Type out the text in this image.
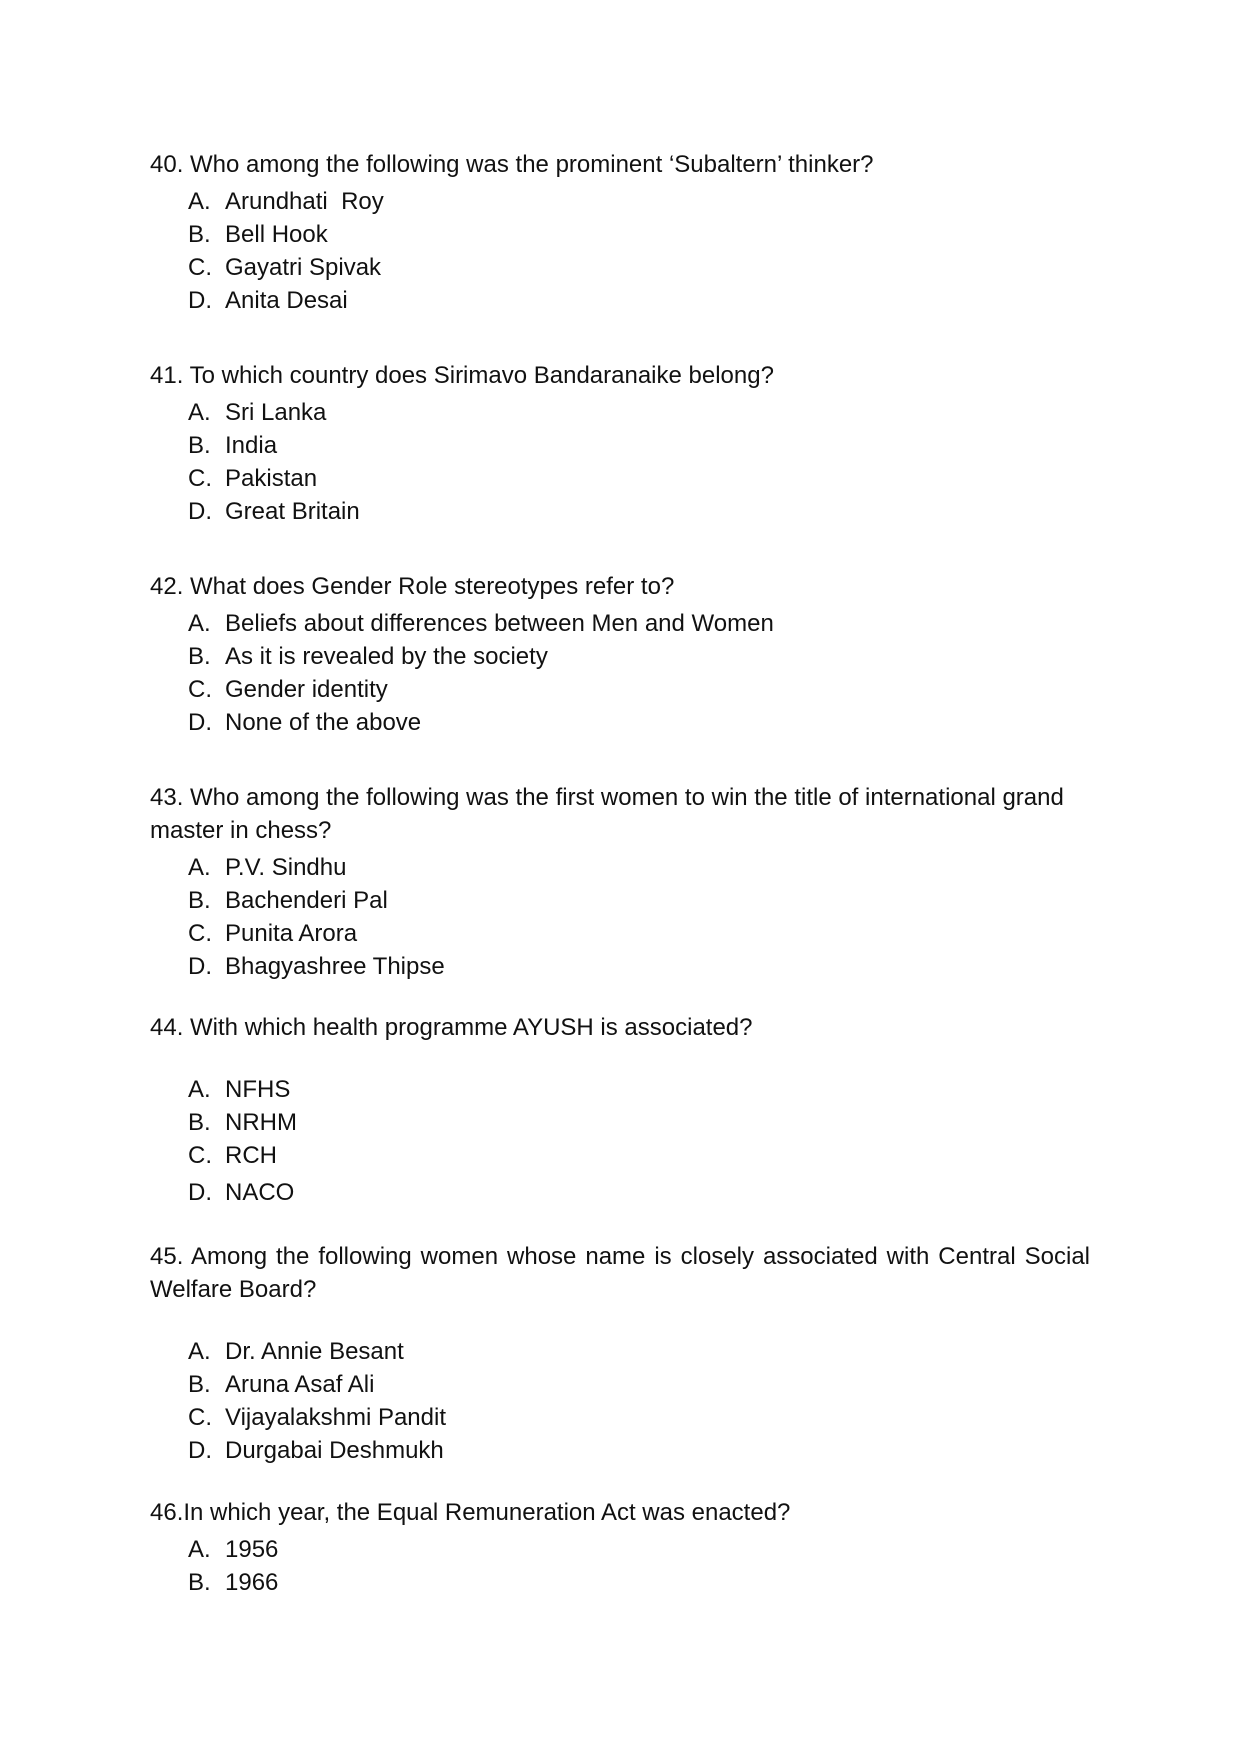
40. Who among the following was the prominent ‘Subaltern’ thinker?

A. Arundhati  Roy
B. Bell Hook
C. Gayatri Spivak
D. Anita Desai

41. To which country does Sirimavo Bandaranaike belong?

A. Sri Lanka
B. India
C. Pakistan
D. Great Britain

42. What does Gender Role stereotypes refer to?

A. Beliefs about differences between Men and Women
B. As it is revealed by the society
C. Gender identity
D. None of the above

43. Who among the following was the first women to win the title of international grand master in chess?

A. P.V. Sindhu
B. Bachenderi Pal
C. Punita Arora
D. Bhagyashree Thipse

44. With which health programme AYUSH is associated?

A. NFHS
B. NRHM
C. RCH
D. NACO

45. Among the following women whose name is closely associated with Central Social Welfare Board?

A. Dr. Annie Besant
B. Aruna Asaf Ali
C. Vijayalakshmi Pandit
D. Durgabai Deshmukh

46.In which year, the Equal Remuneration Act was enacted?

A. 1956
B. 1966
